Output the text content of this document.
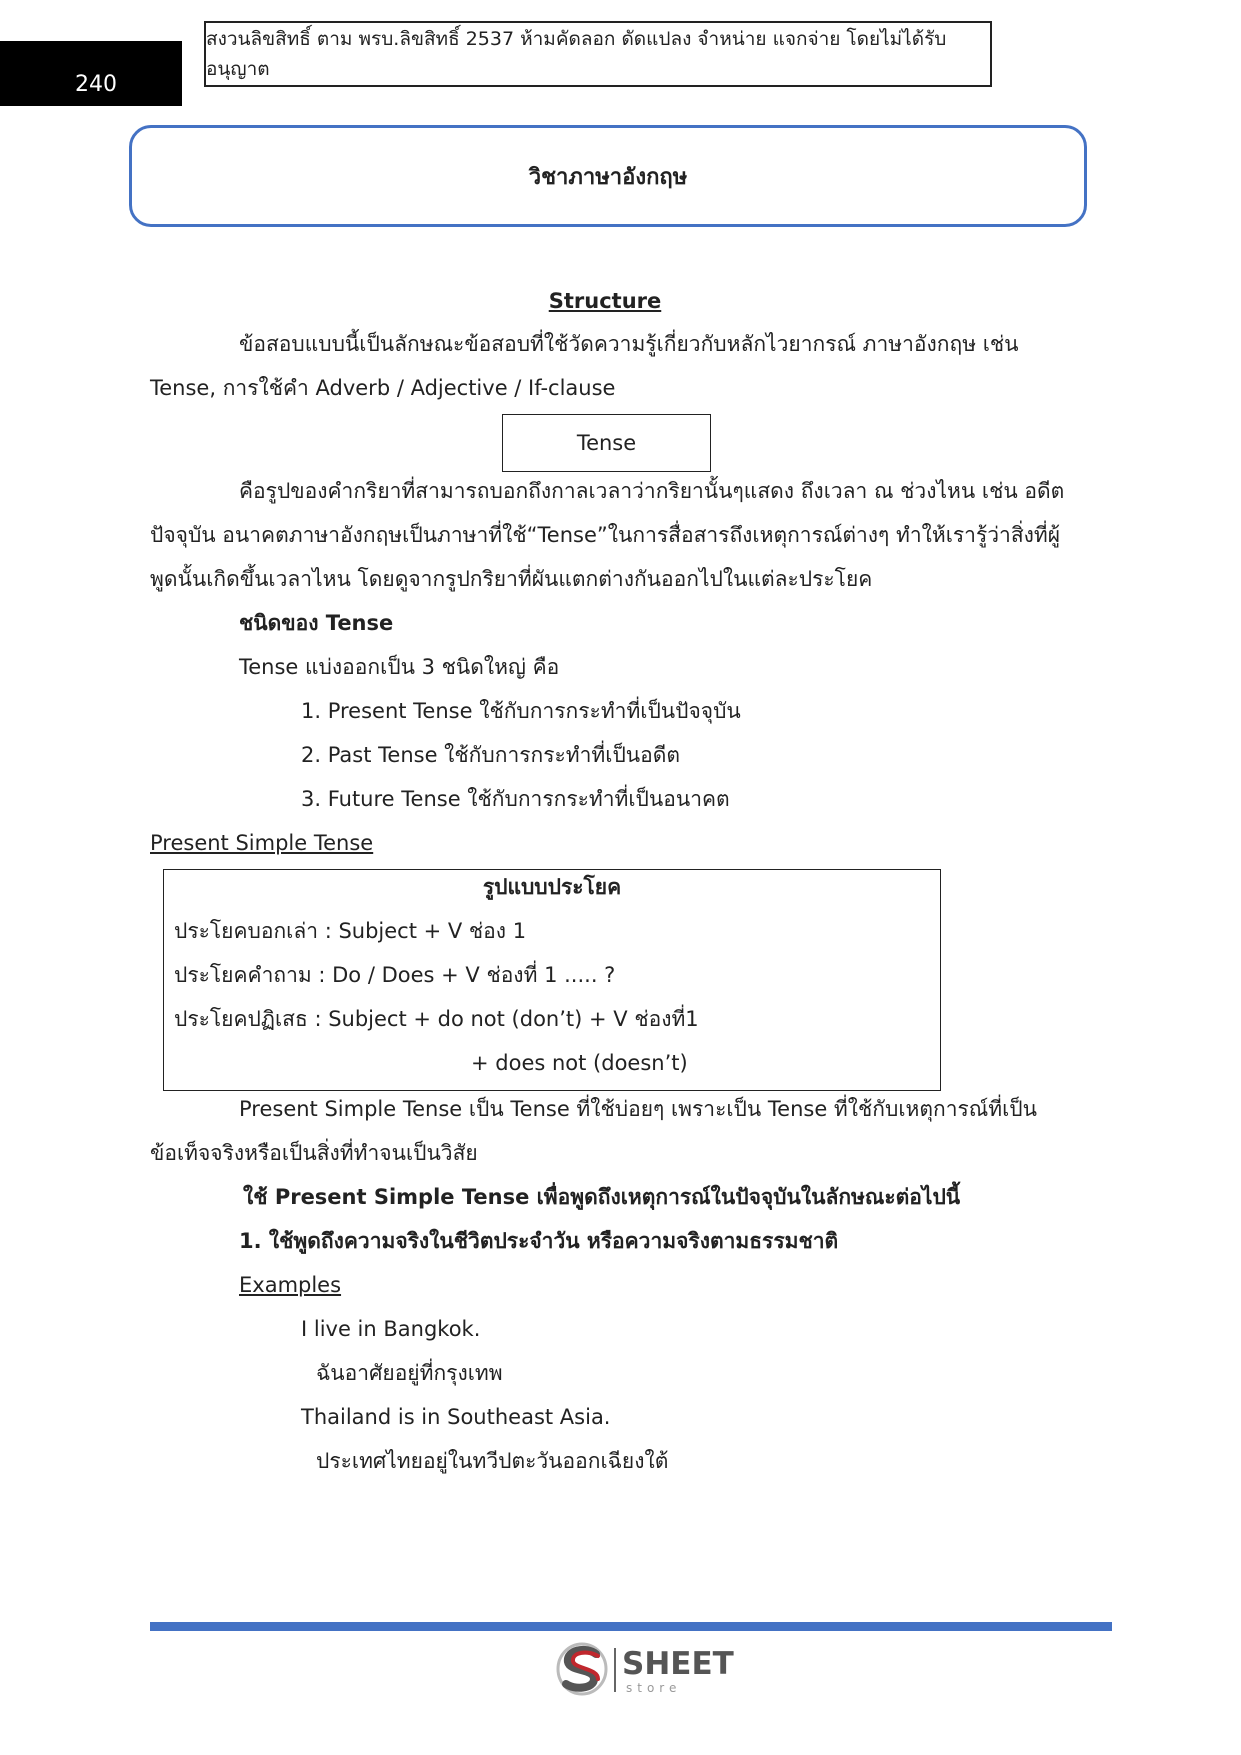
240
สงวนลิขสิทธิ์ ตาม พรบ.ลิขสิทธิ์ 2537 ห้ามคัดลอก ดัดแปลง จำหน่าย แจกจ่าย โดยไม่ได้รับอนุญาต
วิชาภาษาอังกฤษ
Structure
ข้อสอบแบบนี้เป็นลักษณะข้อสอบที่ใช้วัดความรู้เกี่ยวกับหลักไวยากรณ์ ภาษาอังกฤษ เช่น
Tense, การใช้คำ Adverb / Adjective / If-clause
Tense
คือรูปของคำกริยาที่สามารถบอกถึงกาลเวลาว่ากริยานั้นๆแสดง ถึงเวลา ณ ช่วงไหน เช่น อดีต
ปัจจุบัน อนาคตภาษาอังกฤษเป็นภาษาที่ใช้“Tense”ในการสื่อสารถึงเหตุการณ์ต่างๆ ทำให้เรารู้ว่าสิ่งที่ผู้
พูดนั้นเกิดขึ้นเวลาไหน โดยดูจากรูปกริยาที่ผันแตกต่างกันออกไปในแต่ละประโยค
ชนิดของ Tense
Tense แบ่งออกเป็น 3 ชนิดใหญ่ คือ
1. Present Tense ใช้กับการกระทำที่เป็นปัจจุบัน
2. Past Tense ใช้กับการกระทำที่เป็นอดีต
3. Future Tense ใช้กับการกระทำที่เป็นอนาคต
Present Simple Tense
รูปแบบประโยค
ประโยคบอกเล่า : Subject + V ช่อง 1
ประโยคคำถาม : Do / Does + V ช่องที่ 1 ..... ?
ประโยคปฏิเสธ : Subject + do not (don’t) + V ช่องที่1
+ does not (doesn’t)
Present Simple Tense เป็น Tense ที่ใช้บ่อยๆ เพราะเป็น Tense ที่ใช้กับเหตุการณ์ที่เป็น
ข้อเท็จจริงหรือเป็นสิ่งที่ทำจนเป็นวิสัย
ใช้ Present Simple Tense เพื่อพูดถึงเหตุการณ์ในปัจจุบันในลักษณะต่อไปนี้
1. ใช้พูดถึงความจริงในชีวิตประจำวัน หรือความจริงตามธรรมชาติ
Examples
I live in Bangkok.
ฉันอาศัยอยู่ที่กรุงเทพ
Thailand is in Southeast Asia.
ประเทศไทยอยู่ในทวีปตะวันออกเฉียงใต้
SHEET
store
